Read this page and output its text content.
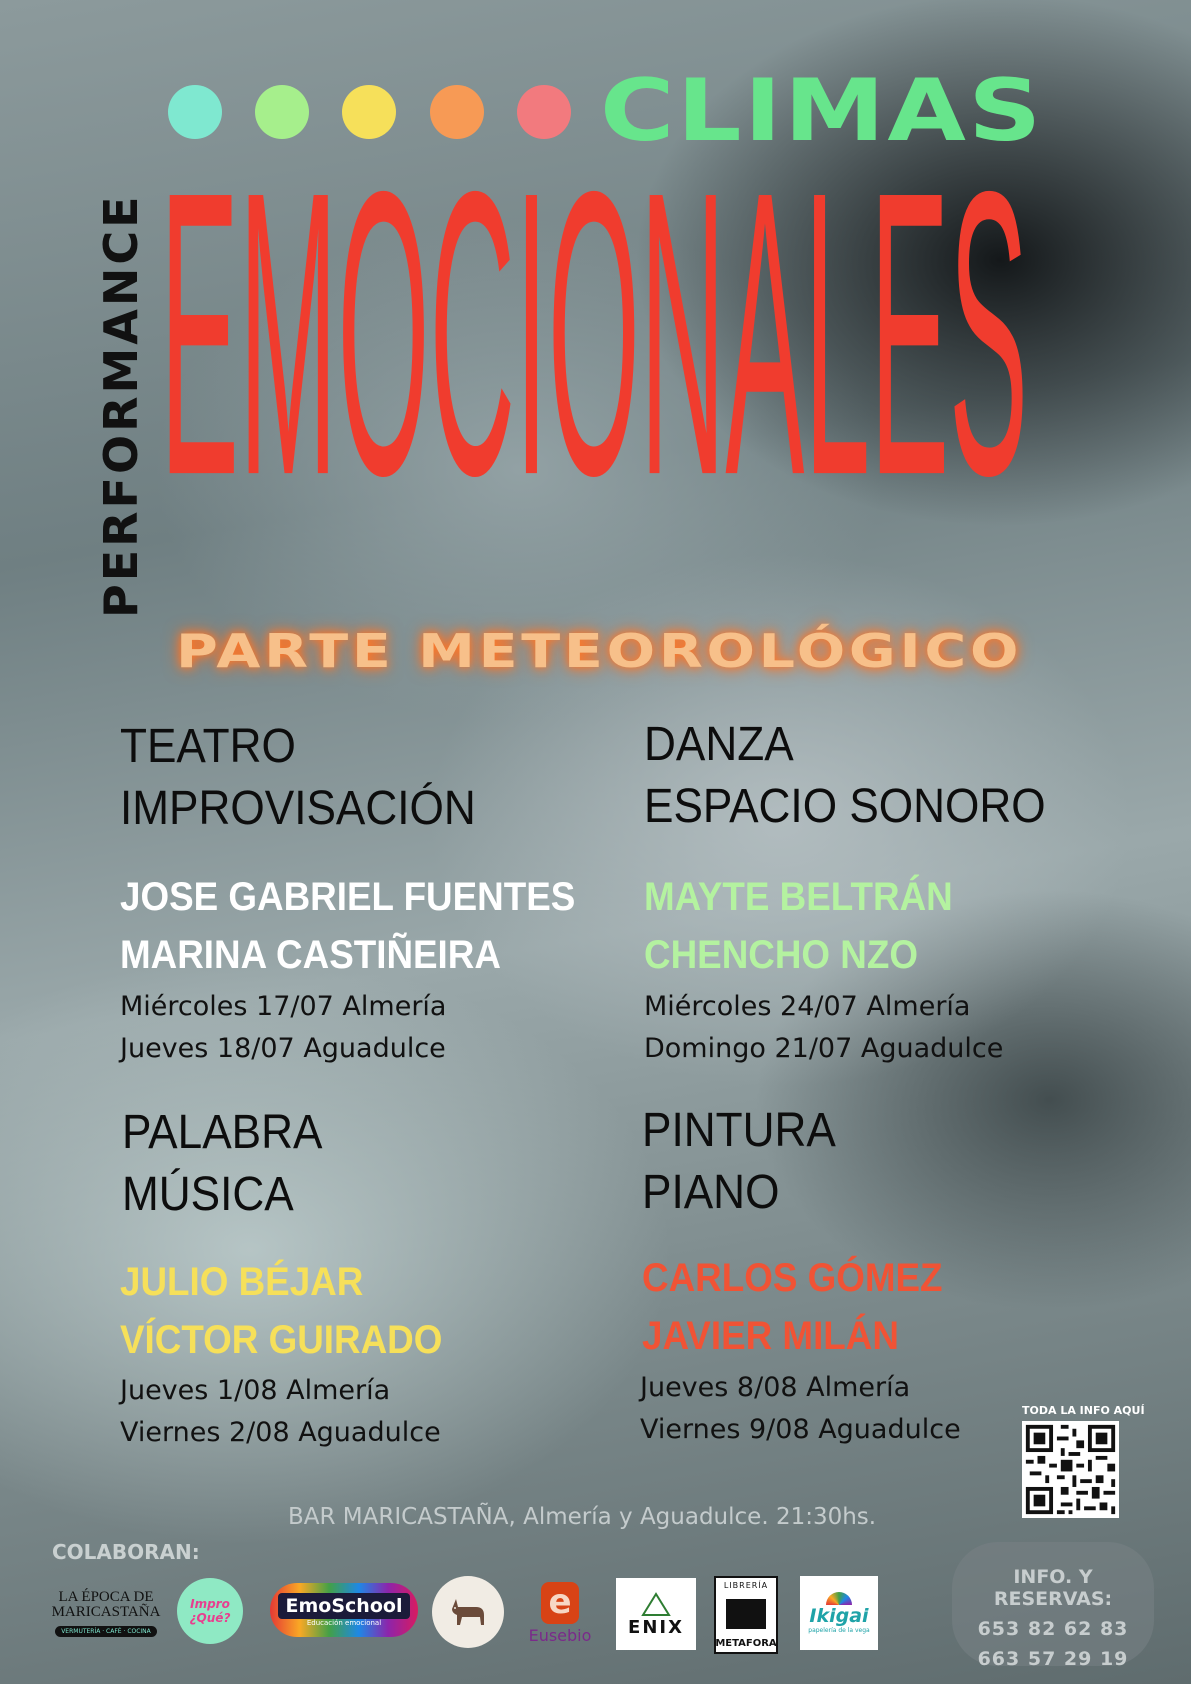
CLIMAS
EMOCIONALES
PERFORMANCE
PARTE METEOROLÓGICO
TEATRO
IMPROVISACIÓN
JOSE GABRIEL FUENTES
MARINA CASTIÑEIRA
Miércoles 17/07 Almería
Jueves 18/07 Aguadulce
DANZA
ESPACIO SONORO
MAYTE BELTRÁN
CHENCHO NZO
Miércoles 24/07 Almería
Domingo 21/07 Aguadulce
PALABRA
MÚSICA
JULIO BÉJAR
VÍCTOR GUIRADO
Jueves 1/08 Almería
Viernes 2/08 Aguadulce
PINTURA
PIANO
CARLOS GÓMEZ
JAVIER MILÁN
Jueves 8/08 Almería
Viernes 9/08 Aguadulce
TODA LA INFO AQUÍ
BAR MARICASTAÑA, Almería y Aguadulce. 21:30hs.
COLABORAN:
LA ÉPOCA DE MARICASTAÑA
VERMUTERÍA · CAFÉ · COCINA
Impro ¿Qué?
EmoSchool
Educación emocional
e
Eusebio ENIX
LIBRERÍA
METAFORA
Ikigai
papelería de la vega
INFO. Y RESERVAS:
653 82 62 83
663 57 29 19
